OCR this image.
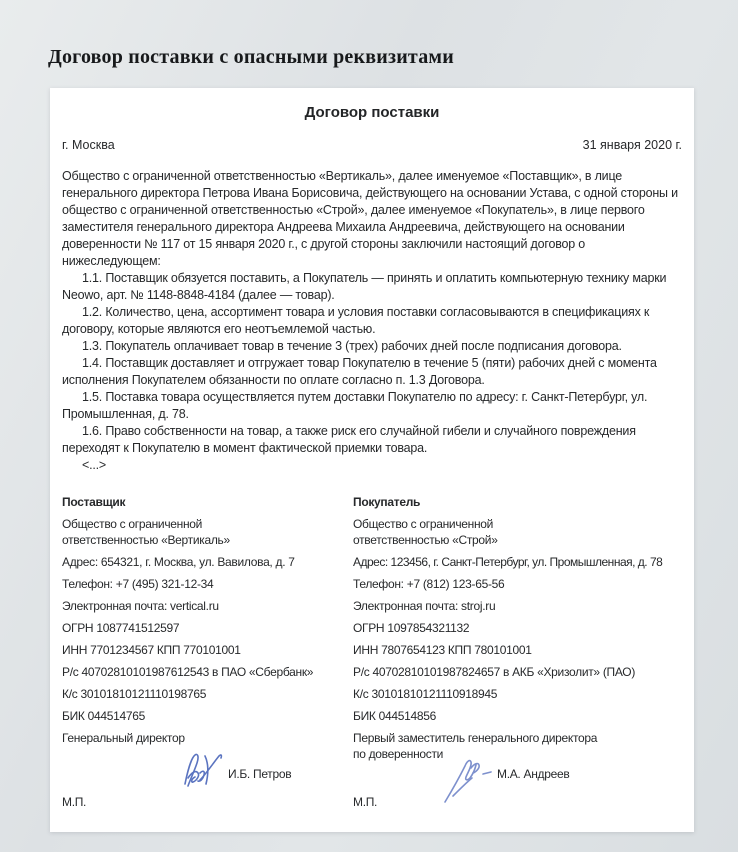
Договор поставки с опасными реквизитами
Договор поставки
г. Москва	31 января 2020 г.

Общество с ограниченной ответственностью «Вертикаль», далее именуемое «Поставщик», в лице генерального директора Петрова Ивана Борисовича, действующего на основании Устава, с одной стороны и общество с ограниченной ответственностью «Строй», далее именуемое «Покупатель», в лице первого заместителя генерального директора Андреева Михаила Андреевича, действующего на основании доверенности № 117 от 15 января 2020 г., с другой стороны заключили настоящий договор о нижеследующем:

1.1. Поставщик обязуется поставить, а Покупатель — принять и оплатить компьютерную технику марки Neowo, арт. № 1148-8848-4184 (далее — товар).

1.2. Количество, цена, ассортимент товара и условия поставки согласовываются в спецификациях к договору, которые являются его неотъемлемой частью.

1.3. Покупатель оплачивает товар в течение 3 (трех) рабочих дней после подписания договора.

1.4. Поставщик доставляет и отгружает товар Покупателю в течение 5 (пяти) рабочих дней с момента исполнения Покупателем обязанности по оплате согласно п. 1.3 Договора.

1.5. Поставка товара осуществляется путем доставки Покупателю по адресу: г. Санкт-Петербург, ул. Промышленная, д. 78.

1.6. Право собственности на товар, а также риск его случайной гибели и случайного повреждения переходят к Покупателю в момент фактической приемки товара.

<...>

Поставщик
Общество с ограниченной
ответственностью «Вертикаль»
Адрес: 654321, г. Москва, ул. Вавилова, д. 7
Телефон: +7 (495) 321-12-34
Электронная почта: vertical.ru
ОГРН 1087741512597
ИНН 7701234567 КПП 770101001
Р/с 40702810101987612543 в ПАО «Сбербанк»
К/с 30101810121110198765
БИК 044514765
Генеральный директор
И.Б. Петров
М.П.
Покупатель
Общество с ограниченной
ответственностью «Строй»
Адрес: 123456, г. Санкт-Петербург, ул. Промышленная, д. 78
Телефон: +7 (812) 123-65-56
Электронная почта: stroj.ru
ОГРН 1097854321132
ИНН 7807654123 КПП 780101001
Р/с 40702810101987824657 в АКБ «Хризолит» (ПАО)
К/с 30101810121110918945
БИК 044514856
Первый заместитель генерального директора
по доверенности
М.А. Андреев
М.П.
